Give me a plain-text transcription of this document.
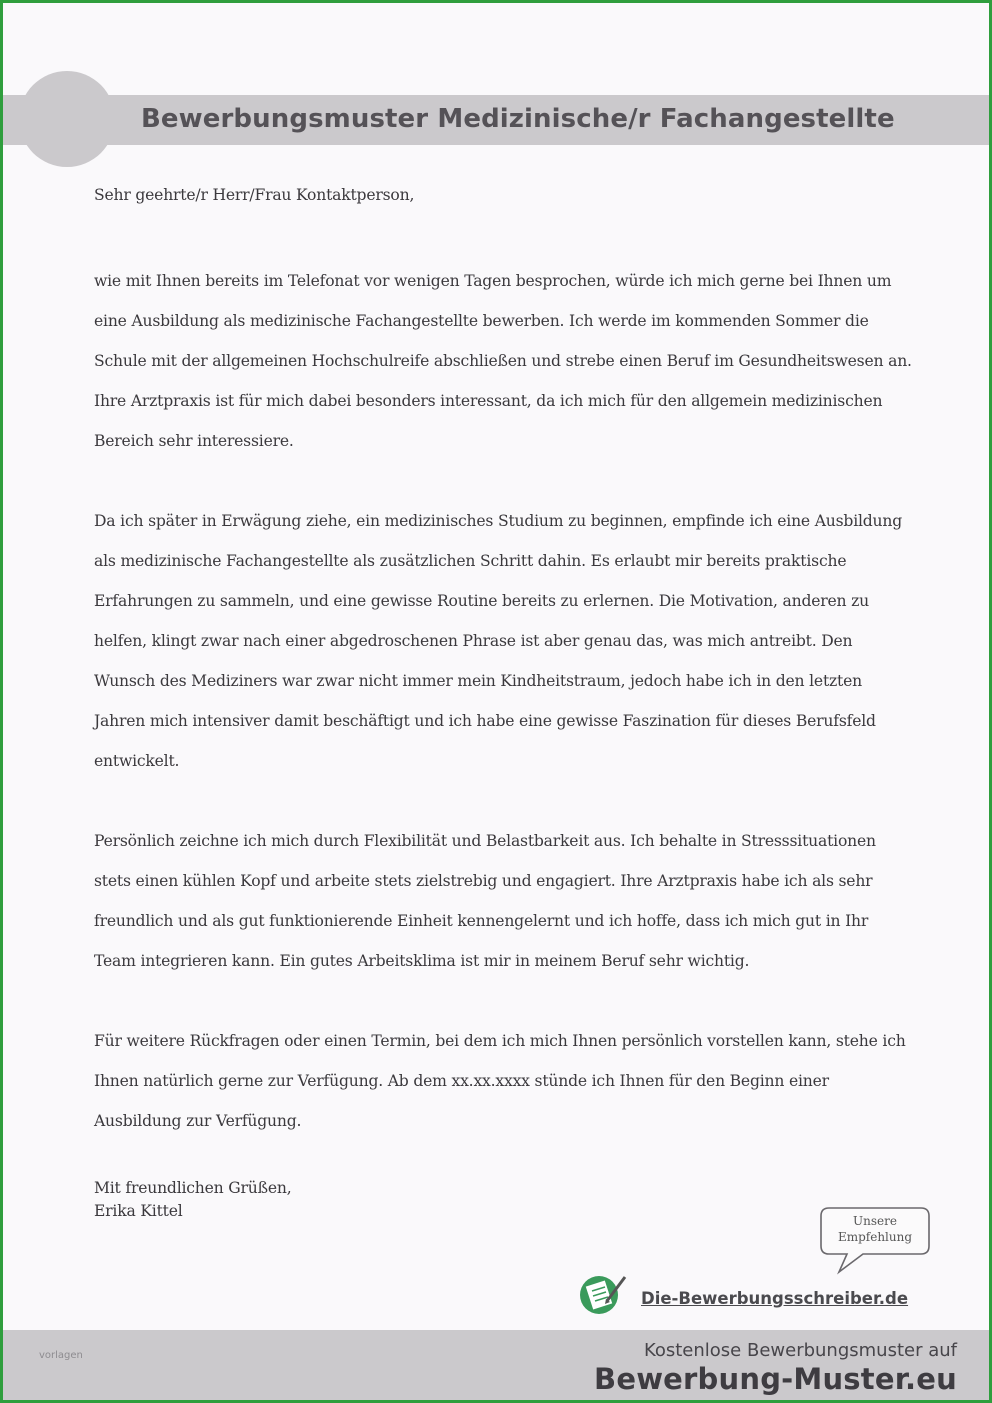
Bewerbungsmuster Medizinische/r Fachangestellte

Sehr geehrte/r Herr/Frau Kontaktperson,

wie mit Ihnen bereits im Telefonat vor wenigen Tagen besprochen, würde ich mich gerne bei Ihnen um eine Ausbildung als medizinische Fachangestellte bewerben. Ich werde im kommenden Sommer die Schule mit der allgemeinen Hochschulreife abschließen und strebe einen Beruf im Gesundheitswesen an. Ihre Arztpraxis ist für mich dabei besonders interessant, da ich mich für den allgemein medizinischen Bereich sehr interessiere.

Da ich später in Erwägung ziehe, ein medizinisches Studium zu beginnen, empfinde ich eine Ausbildung als medizinische Fachangestellte als zusätzlichen Schritt dahin. Es erlaubt mir bereits praktische Erfahrungen zu sammeln, und eine gewisse Routine bereits zu erlernen. Die Motivation, anderen zu helfen, klingt zwar nach einer abgedroschenen Phrase ist aber genau das, was mich antreibt. Den Wunsch des Mediziners war zwar nicht immer mein Kindheitstraum, jedoch habe ich in den letzten Jahren mich intensiver damit beschäftigt und ich habe eine gewisse Faszination für dieses Berufsfeld entwickelt.

Persönlich zeichne ich mich durch Flexibilität und Belastbarkeit aus. Ich behalte in Stresssituationen stets einen kühlen Kopf und arbeite stets zielstrebig und engagiert. Ihre Arztpraxis habe ich als sehr freundlich und als gut funktionierende Einheit kennengelernt und ich hoffe, dass ich mich gut in Ihr Team integrieren kann. Ein gutes Arbeitsklima ist mir in meinem Beruf sehr wichtig.

Für weitere Rückfragen oder einen Termin, bei dem ich mich Ihnen persönlich vorstellen kann, stehe ich Ihnen natürlich gerne zur Verfügung. Ab dem xx.xx.xxxx stünde ich Ihnen für den Beginn einer Ausbildung zur Verfügung.

Mit freundlichen Grüßen,
Erika Kittel
Unsere
Empfehlung
Die-Bewerbungsschreiber.de
vorlagen	Kostenlose Bewerbungsmuster auf
Bewerbung-Muster.eu
